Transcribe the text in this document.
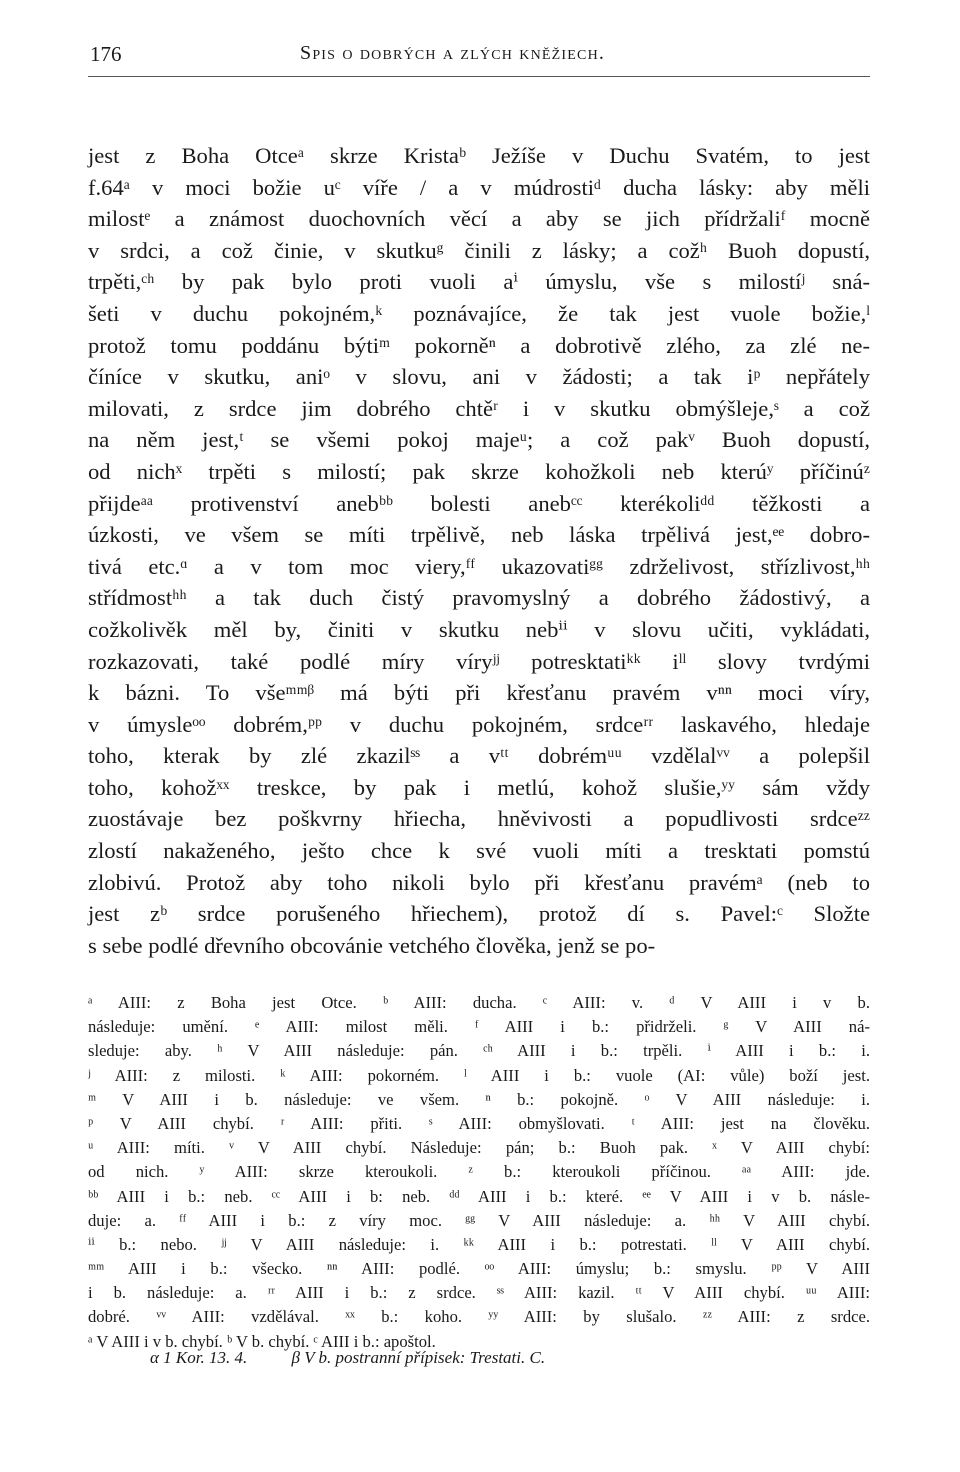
176	Spis o dobrých a zlých kněžiech.
jest z Boha Otceᵃ skrze Kristaᵇ Ježíše v Duchu Svatém, to jest
f.64ᵃ v moci božie uᶜ víře / a v múdrostiᵈ ducha lásky: aby měli
milostᵉ a známost duochovních věcí a aby se jich přídržaliᶠ mocně
v srdci, a což činie, v skutkuᵍ činili z lásky; a cožʰ Buoh dopustí,
trpěti,ᶜʰ by pak bylo proti vuoli aⁱ úmyslu, vše s milostíʲ sná-
šeti v duchu pokojném,ᵏ poznávajíce, že tak jest vuole božie,ˡ
protož tomu poddánu býtiᵐ pokorněⁿ a dobrotivě zlého, za zlé ne-
číníce v skutku, aniᵒ v slovu, ani v žádosti; a tak iᵖ nepřátely
milovati, z srdce jim dobrého chtěʳ i v skutku obmýšleje,ˢ a což
na něm jest,ᵗ se všemi pokoj majeᵘ; a což pakᵛ Buoh dopustí,
od nichˣ trpěti s milostí; pak skrze kohožkoli neb kterúʸ příčinúᶻ
přijdeᵃᵃ protivenství anebᵇᵇ bolesti anebᶜᶜ kterékoliᵈᵈ těžkosti a
úzkosti, ve všem se míti trpělivě, neb láska trpělivá jest,ᵉᵉ dobro-
tivá etc.ᵅ a v tom moc viery,ᶠᶠ ukazovatiᵍᵍ zdrželivost, střízlivost,ʰʰ
střídmostʰʰ a tak duch čistý pravomyslný a dobrého žádostivý, a
cožkolivěk měl by, činiti v skutku nebⁱⁱ v slovu učiti, vykládati,
rozkazovati, také podlé míry víryʲʲ potresktatiᵏᵏ iˡˡ slovy tvrdými
k bázni. To všeᵐᵐᵝ má býti při křesťanu pravém vⁿⁿ moci víry,
v úmysleᵒᵒ dobrém,ᵖᵖ v duchu pokojném, srdceʳʳ laskavého, hledaje
toho, kterak by zlé zkazilˢˢ a vᵗᵗ dobrémᵘᵘ vzdělalᵛᵛ a polepšil
toho, kohožˣˣ treskce, by pak i metlú, kohož slušie,ʸʸ sám vždy
zuostávaje bez poškvrny hřiecha, hněvivosti a popudlivosti srdceᶻᶻ
zlostí nakaženého, ješto chce k své vuoli míti a tresktati pomstú
zlobivú. Protož aby toho nikoli bylo při křesťanu pravémᵃ (neb to
jest zᵇ srdce porušeného hřiechem), protož dí s. Pavel:ᶜ Složte
s sebe podlé dřevního obcovánie vetchého člověka, jenž se po-
ᵃ AIII: z Boha jest Otce. ᵇ AIII: ducha. ᶜ AIII: v. ᵈ V AIII i v b.
následuje: umění. ᵉ AIII: milost měli. ᶠ AIII i b.: přidrželi. ᵍ V AIII ná-
sleduje: aby. ʰ V AIII následuje: pán. ᶜʰ AIII i b.: trpěli. ⁱ AIII i b.: i.
ʲ AIII: z milosti. ᵏ AIII: pokorném. ˡ AIII i b.: vuole (AI: vůle) boží jest.
ᵐ V AIII i b. následuje: ve všem. ⁿ b.: pokojně. ᵒ V AIII následuje: i.
ᵖ V AIII chybí. ʳ AIII: přiti. ˢ AIII: obmyšlovati. ᵗ AIII: jest na člověku.
ᵘ AIII: míti. ᵛ V AIII chybí. Následuje: pán; b.: Buoh pak. ˣ V AIII chybí:
od nich. ʸ AIII: skrze kteroukoli. ᶻ b.: kteroukoli příčinou. ᵃᵃ AIII: jde.
ᵇᵇ AIII i b.: neb. ᶜᶜ AIII i b: neb. ᵈᵈ AIII i b.: které. ᵉᵉ V AIII i v b. násle-
duje: a. ᶠᶠ AIII i b.: z víry moc. ᵍᵍ V AIII následuje: a. ʰʰ V AIII chybí.
ⁱⁱ b.: nebo. ʲʲ V AIII následuje: i. ᵏᵏ AIII i b.: potrestati. ˡˡ V AIII chybí.
ᵐᵐ AIII i b.: všecko. ⁿⁿ AIII: podlé. ᵒᵒ AIII: úmyslu; b.: smyslu. ᵖᵖ V AIII
i b. následuje: a. ʳʳ AIII i b.: z srdce. ˢˢ AIII: kazil. ᵗᵗ V AIII chybí. ᵘᵘ AIII:
dobré. ᵛᵛ AIII: vzdělával. ˣˣ b.: koho. ʸʸ AIII: by slušalo. ᶻᶻ AIII: z srdce.
ᵃ V AIII i v b. chybí. ᵇ V b. chybí. ᶜ AIII i b.: apoštol.
α 1 Kor. 13. 4.	β V b. postranní přípisek: Trestati. C.
